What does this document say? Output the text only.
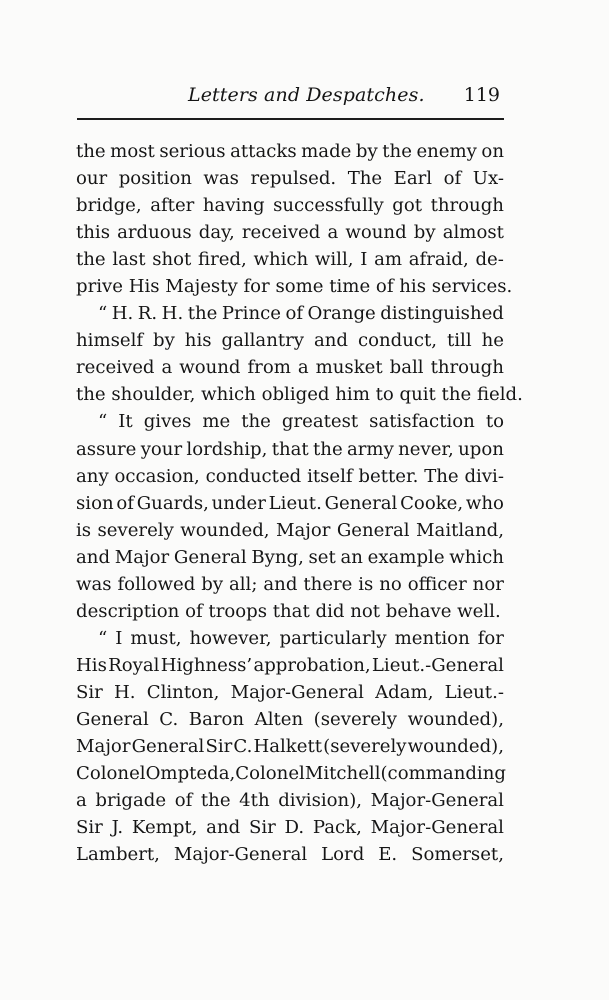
Letters and Despatches. 119
the most serious attacks made by the enemy on
our position was repulsed. The Earl of Ux-
bridge, after having successfully got through
this arduous day, received a wound by almost
the last shot fired, which will, I am afraid, de-
prive His Majesty for some time of his services.
“ H. R. H. the Prince of Orange distinguished
himself by his gallantry and conduct, till he
received a wound from a musket ball through
the shoulder, which obliged him to quit the field.
“ It gives me the greatest satisfaction to
assure your lordship, that the army never, upon
any occasion, conducted itself better. The divi-
sion of Guards, under Lieut. General Cooke, who
is severely wounded, Major General Maitland,
and Major General Byng, set an example which
was followed by all; and there is no officer nor
description of troops that did not behave well.
“ I must, however, particularly mention for
His Royal Highness’ approbation, Lieut.-General
Sir H. Clinton, Major-General Adam, Lieut.-
General C. Baron Alten (severely wounded),
Major General Sir C. Halkett (severely wounded),
Colonel Ompteda, Colonel Mitchell (commanding
a brigade of the 4th division), Major-General
Sir J. Kempt, and Sir D. Pack, Major-General
Lambert, Major-General Lord E. Somerset,
